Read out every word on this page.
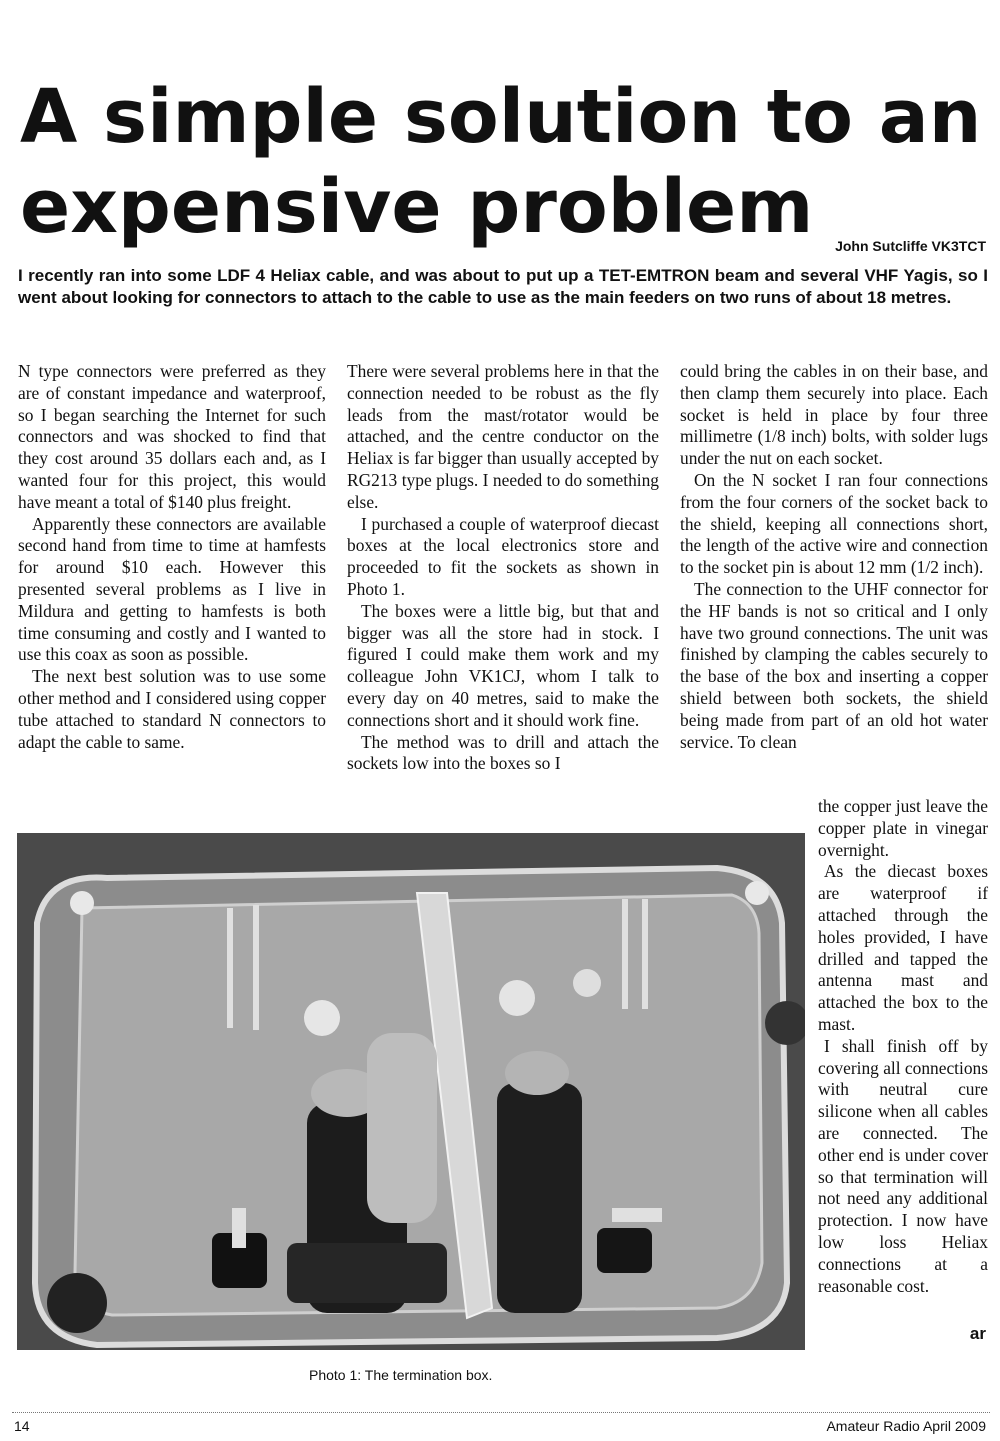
A simple solution to an expensive problem	John Sutcliffe VK3TCT
I recently ran into some LDF 4 Heliax cable, and was about to put up a TET-EMTRON beam and several VHF Yagis, so I went about looking for connectors to attach to the cable to use as the main feeders on two runs of about 18 metres.

N type connectors were preferred as they are of constant impedance and waterproof, so I began searching the Internet for such connectors and was shocked to find that they cost around 35 dollars each and, as I wanted four for this project, this would have meant a total of $140 plus freight.

Apparently these connectors are available second hand from time to time at hamfests for around $10 each. However this presented several problems as I live in Mildura and getting to hamfests is both time consuming and costly and I wanted to use this coax as soon as possible.

The next best solution was to use some other method and I considered using copper tube attached to standard N connectors to adapt the cable to same.

There were several problems here in that the connection needed to be robust as the fly leads from the mast/rotator would be attached, and the centre conductor on the Heliax is far bigger than usually accepted by RG213 type plugs. I needed to do something else.

I purchased a couple of waterproof diecast boxes at the local electronics store and proceeded to fit the sockets as shown in Photo 1.

The boxes were a little big, but that and bigger was all the store had in stock. I figured I could make them work and my colleague John VK1CJ, whom I talk to every day on 40 metres, said to make the connections short and it should work fine.

The method was to drill and attach the sockets low into the boxes so I

could bring the cables in on their base, and then clamp them securely into place. Each socket is held in place by four three millimetre (1/8 inch) bolts, with solder lugs under the nut on each socket.

On the N socket I ran four connections from the four corners of the socket back to the shield, keeping all connections short, the length of the active wire and connection to the socket pin is about 12 mm (1/2 inch).

The connection to the UHF connector for the HF bands is not so critical and I only have two ground connections. The unit was finished by clamping the cables securely to the base of the box and inserting a copper shield between both sockets, the shield being made from part of an old hot water service. To clean

the copper just leave the copper plate in vinegar overnight.

As the diecast boxes are waterproof if attached through the holes provided, I have drilled and tapped the antenna mast and attached the box to the mast.

I shall finish off by covering all connections with neutral cure silicone when all cables are connected. The other end is under cover so that termination will not need any additional protection. I now have low loss Heliax connections at a reasonable cost.

ar
Photo 1: The termination box.
14	Amateur Radio April 2009
